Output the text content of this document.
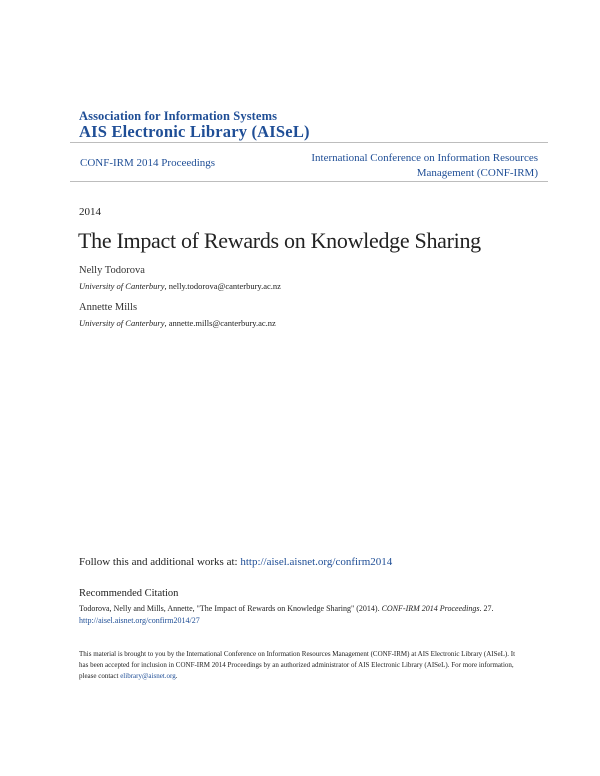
Association for Information Systems
AIS Electronic Library (AISeL)
CONF-IRM 2014 Proceedings	International Conference on Information Resources
Management (CONF-IRM)
2014
The Impact of Rewards on Knowledge Sharing
Nelly Todorova
University of Canterbury, nelly.todorova@canterbury.ac.nz
Annette Mills
University of Canterbury, annette.mills@canterbury.ac.nz
Follow this and additional works at: http://aisel.aisnet.org/confirm2014
Recommended Citation
Todorova, Nelly and Mills, Annette, "The Impact of Rewards on Knowledge Sharing" (2014). CONF-IRM 2014 Proceedings. 27.
http://aisel.aisnet.org/confirm2014/27
This material is brought to you by the International Conference on Information Resources Management (CONF-IRM) at AIS Electronic Library (AISeL). It has been accepted for inclusion in CONF-IRM 2014 Proceedings by an authorized administrator of AIS Electronic Library (AISeL). For more information, please contact elibrary@aisnet.org.
